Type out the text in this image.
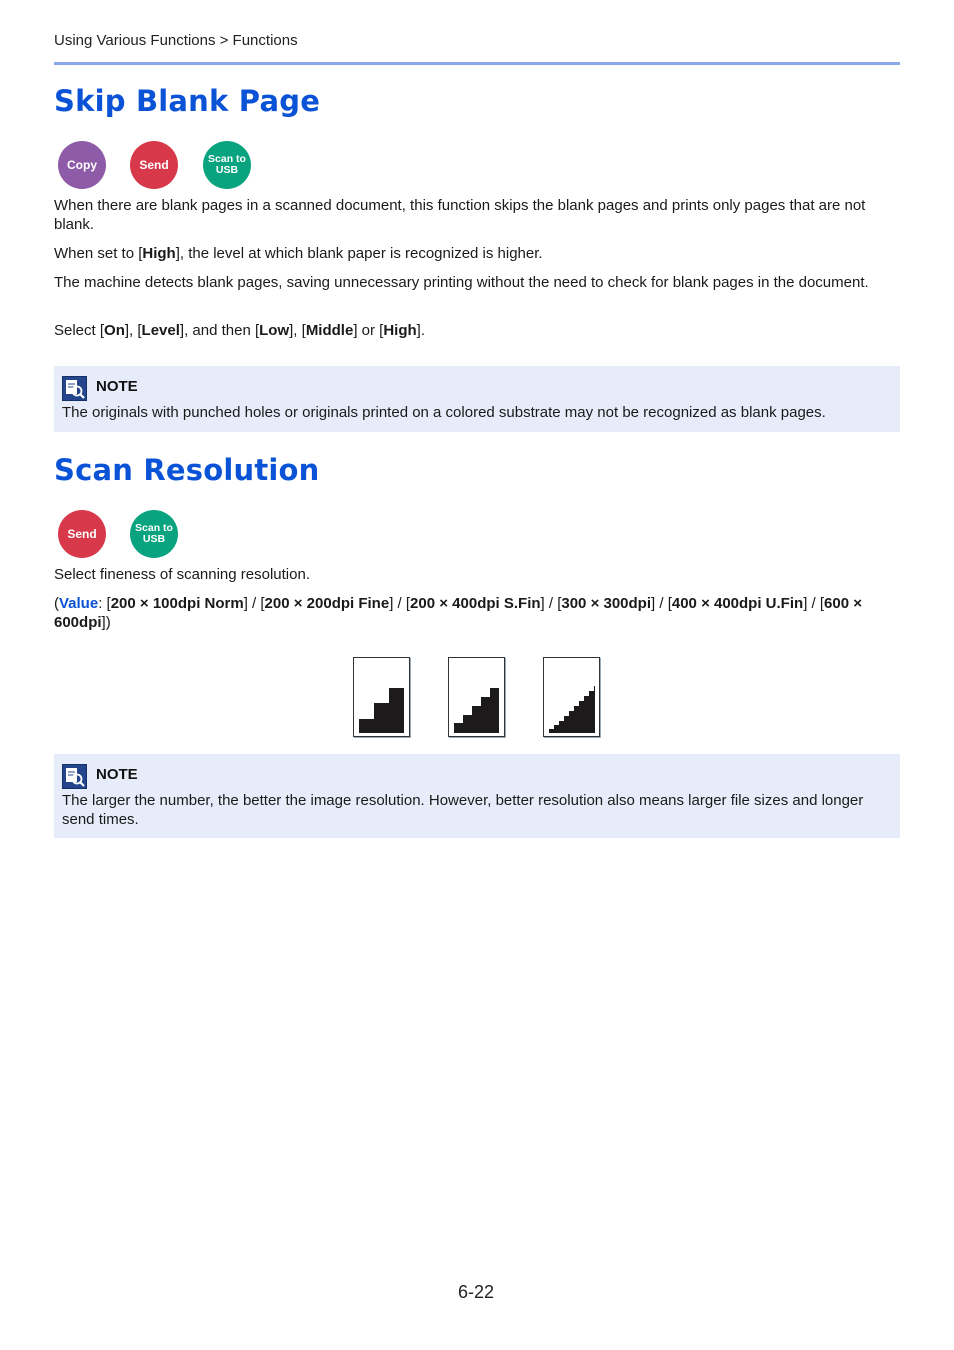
Using Various Functions > Functions
Skip Blank Page
Copy	Send	Scan to
USB

When there are blank pages in a scanned document, this function skips the blank pages and prints only pages that are not blank.

When set to [High], the level at which blank paper is recognized is higher.

The machine detects blank pages, saving unnecessary printing without the need to check for blank pages in the document.

Select [On], [Level], and then [Low], [Middle] or [High].

NOTE
The originals with punched holes or originals printed on a colored substrate may not be recognized as blank pages.
Scan Resolution
Send	Scan to
USB

Select fineness of scanning resolution.

(Value: [200 × 100dpi Norm] / [200 × 200dpi Fine] / [200 × 400dpi S.Fin] / [300 × 300dpi] / [400 × 400dpi U.Fin] / [600 × 600dpi])

NOTE
The larger the number, the better the image resolution. However, better resolution also means larger file sizes and longer send times.
6-22
